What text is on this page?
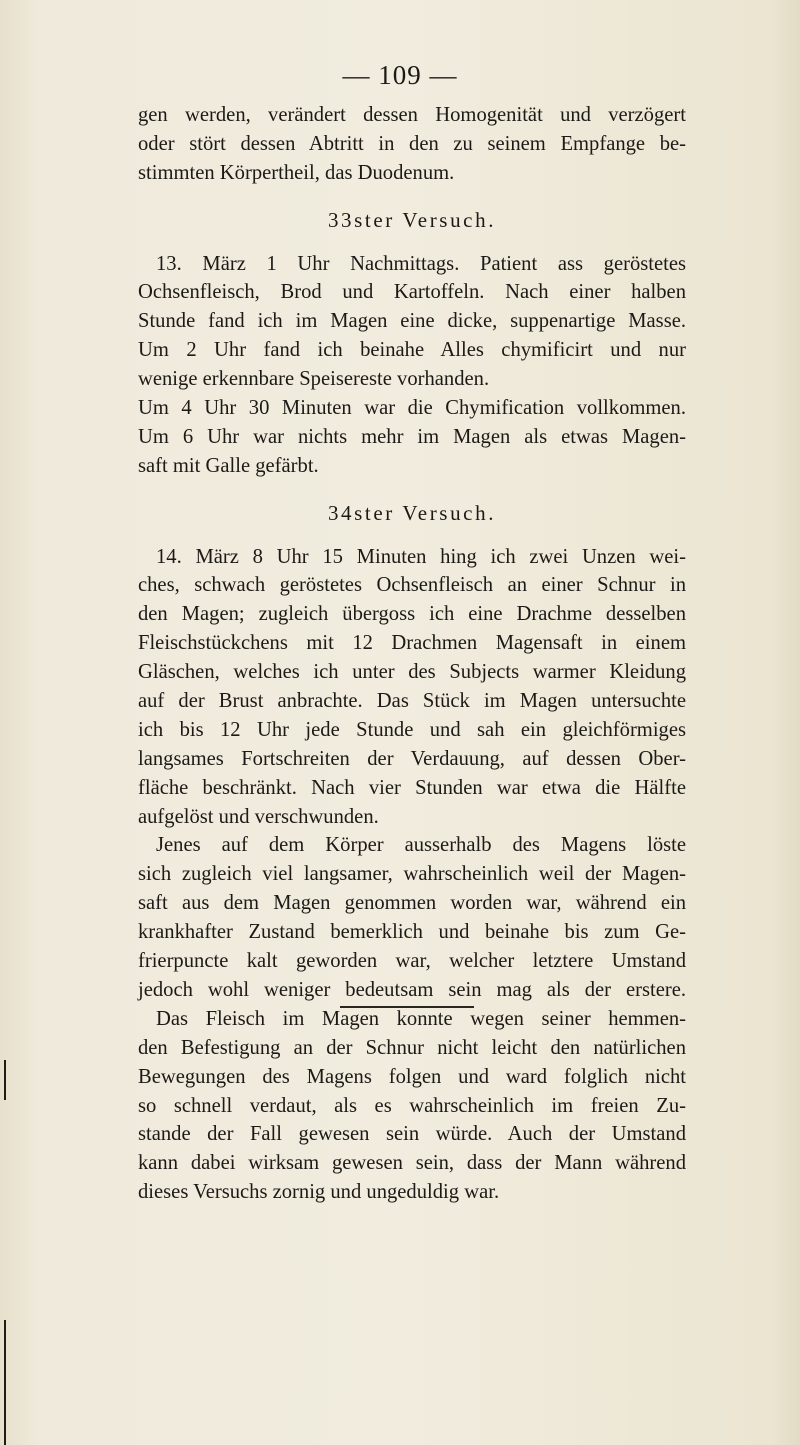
— 109 —
gen werden, verändert dessen Homogenität und verzögert
oder stört dessen Abtritt in den zu seinem Empfange be-
stimmten Körpertheil, das Duodenum.
33ster Versuch.
13. März 1 Uhr Nachmittags. Patient ass geröstetes
Ochsenfleisch, Brod und Kartoffeln. Nach einer halben
Stunde fand ich im Magen eine dicke, suppenartige Masse.
Um 2 Uhr fand ich beinahe Alles chymificirt und nur
wenige erkennbare Speisereste vorhanden.
Um 4 Uhr 30 Minuten war die Chymification vollkommen.
Um 6 Uhr war nichts mehr im Magen als etwas Magen-
saft mit Galle gefärbt.
34ster Versuch.
14. März 8 Uhr 15 Minuten hing ich zwei Unzen wei-
ches, schwach geröstetes Ochsenfleisch an einer Schnur in
den Magen; zugleich übergoss ich eine Drachme desselben
Fleischstückchens mit 12 Drachmen Magensaft in einem
Gläschen, welches ich unter des Subjects warmer Kleidung
auf der Brust anbrachte. Das Stück im Magen untersuchte
ich bis 12 Uhr jede Stunde und sah ein gleichförmiges
langsames Fortschreiten der Verdauung, auf dessen Ober-
fläche beschränkt. Nach vier Stunden war etwa die Hälfte
aufgelöst und verschwunden.
Jenes auf dem Körper ausserhalb des Magens löste
sich zugleich viel langsamer, wahrscheinlich weil der Magen-
saft aus dem Magen genommen worden war, während ein
krankhafter Zustand bemerklich und beinahe bis zum Ge-
frierpuncte kalt geworden war, welcher letztere Umstand
jedoch wohl weniger bedeutsam sein mag als der erstere.
Das Fleisch im Magen konnte wegen seiner hemmen-
den Befestigung an der Schnur nicht leicht den natürlichen
Bewegungen des Magens folgen und ward folglich nicht
so schnell verdaut, als es wahrscheinlich im freien Zu-
stande der Fall gewesen sein würde. Auch der Umstand
kann dabei wirksam gewesen sein, dass der Mann während
dieses Versuchs zornig und ungeduldig war.
